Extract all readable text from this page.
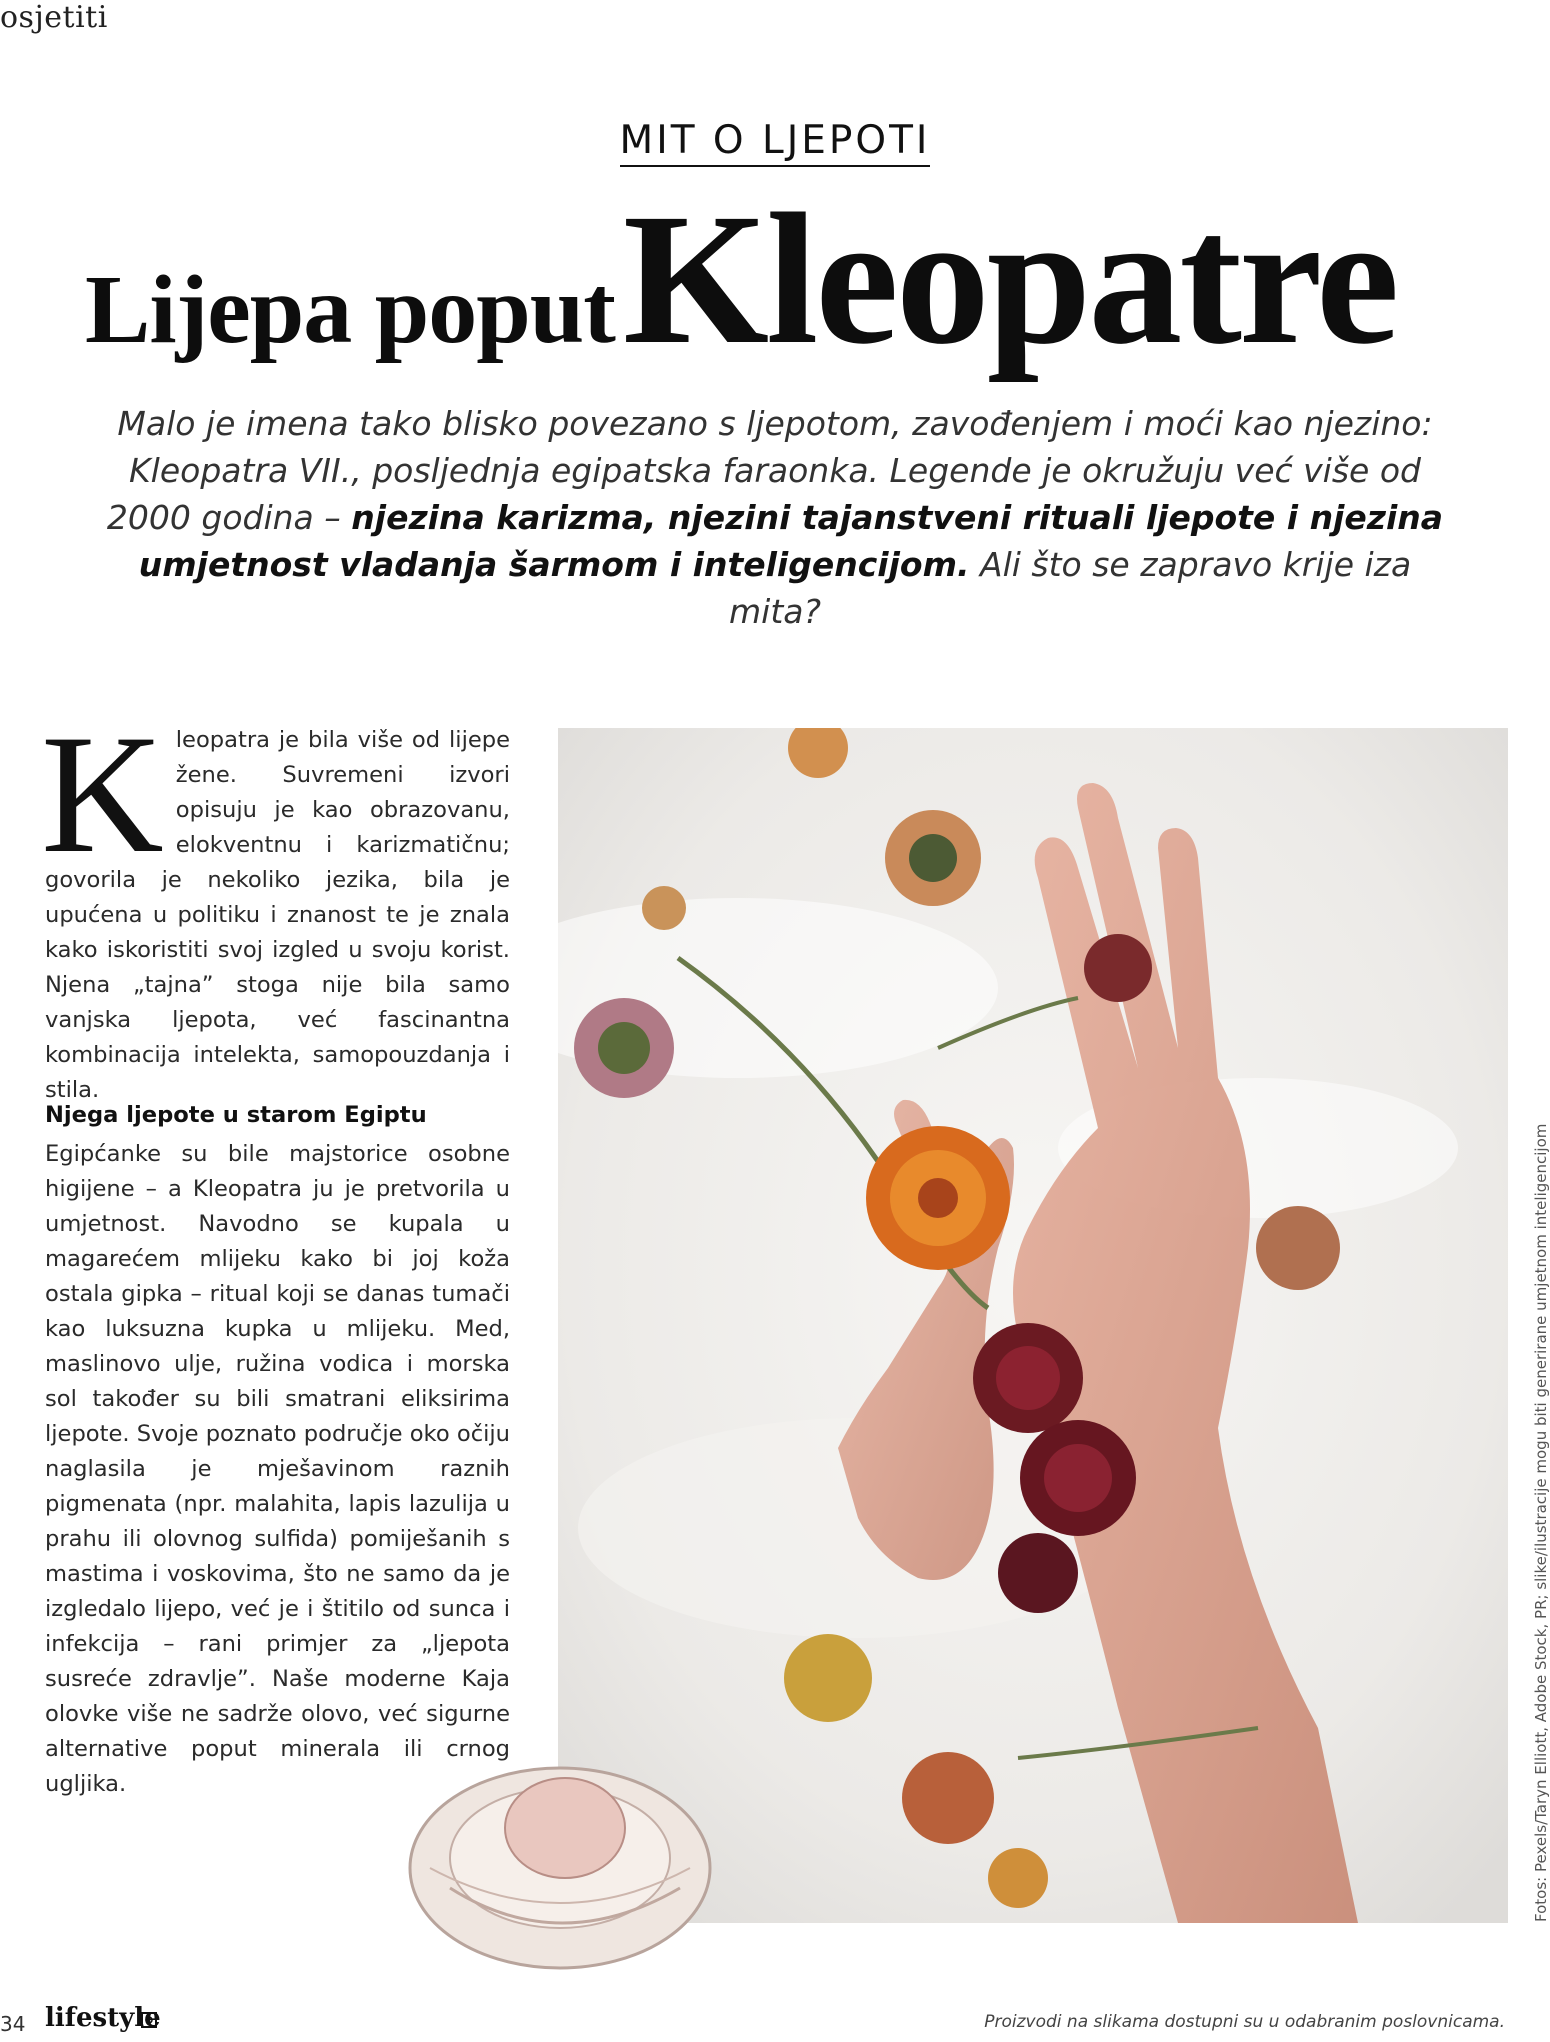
osjetiti
MIT O LJEPOTI
Lijepa poputKleopatre
Malo je imena tako blisko povezano s ljepotom, zavođenjem i moći kao njezino: Kleopatra VII., posljednja egipatska faraonka. Legende je okružuju već više od 2000 godina – njezina karizma, njezini tajanstveni rituali ljepote i njezina umjetnost vladanja šarmom i inteligencijom. Ali što se zapravo krije iza mita?
Kleopatra je bila više od lijepe žene. Suvremeni izvori opisuju je kao obrazovanu, elokventnu i karizmatičnu; govorila je nekoliko jezika, bila je upućena u politiku i znanost te je znala kako iskoristiti svoj izgled u svoju korist. Njena „tajna” stoga nije bila samo vanjska ljepota, već fascinantna kombinacija intelekta, samopouzdanja i stila.
Njega ljepote u starom Egiptu
Egipćanke su bile majstorice osobne higijene – a Kleopatra ju je pretvorila u umjetnost. Navodno se kupala u magarećem mlijeku kako bi joj koža ostala gipka – ritual koji se danas tumači kao luksuzna kupka u mlijeku. Med, maslinovo ulje, ružina vodica i morska sol također su bili smatrani eliksirima ljepote. Svoje poznato područje oko očiju naglasila je mješavinom raznih pigmenata (npr. malahita, lapis lazulija u prahu ili olovnog sulfida) pomiješanih s mastima i voskovima, što ne samo da je izgledalo lijepo, već je i štitilo od sunca i infekcija – rani primjer za „ljepota susreće zdravlje”. Naše moderne Kaja olovke više ne sadrže olovo, već sigurne alternative poput minerala ili crnog ugljika.	Fotos: Pexels/Taryn Elliott, Adobe Stock, PR; slike/ilustracije mogu biti generirane umjetnom inteligencijom
34 lifestyle	Proizvodi na slikama dostupni su u odabranim poslovnicama.
